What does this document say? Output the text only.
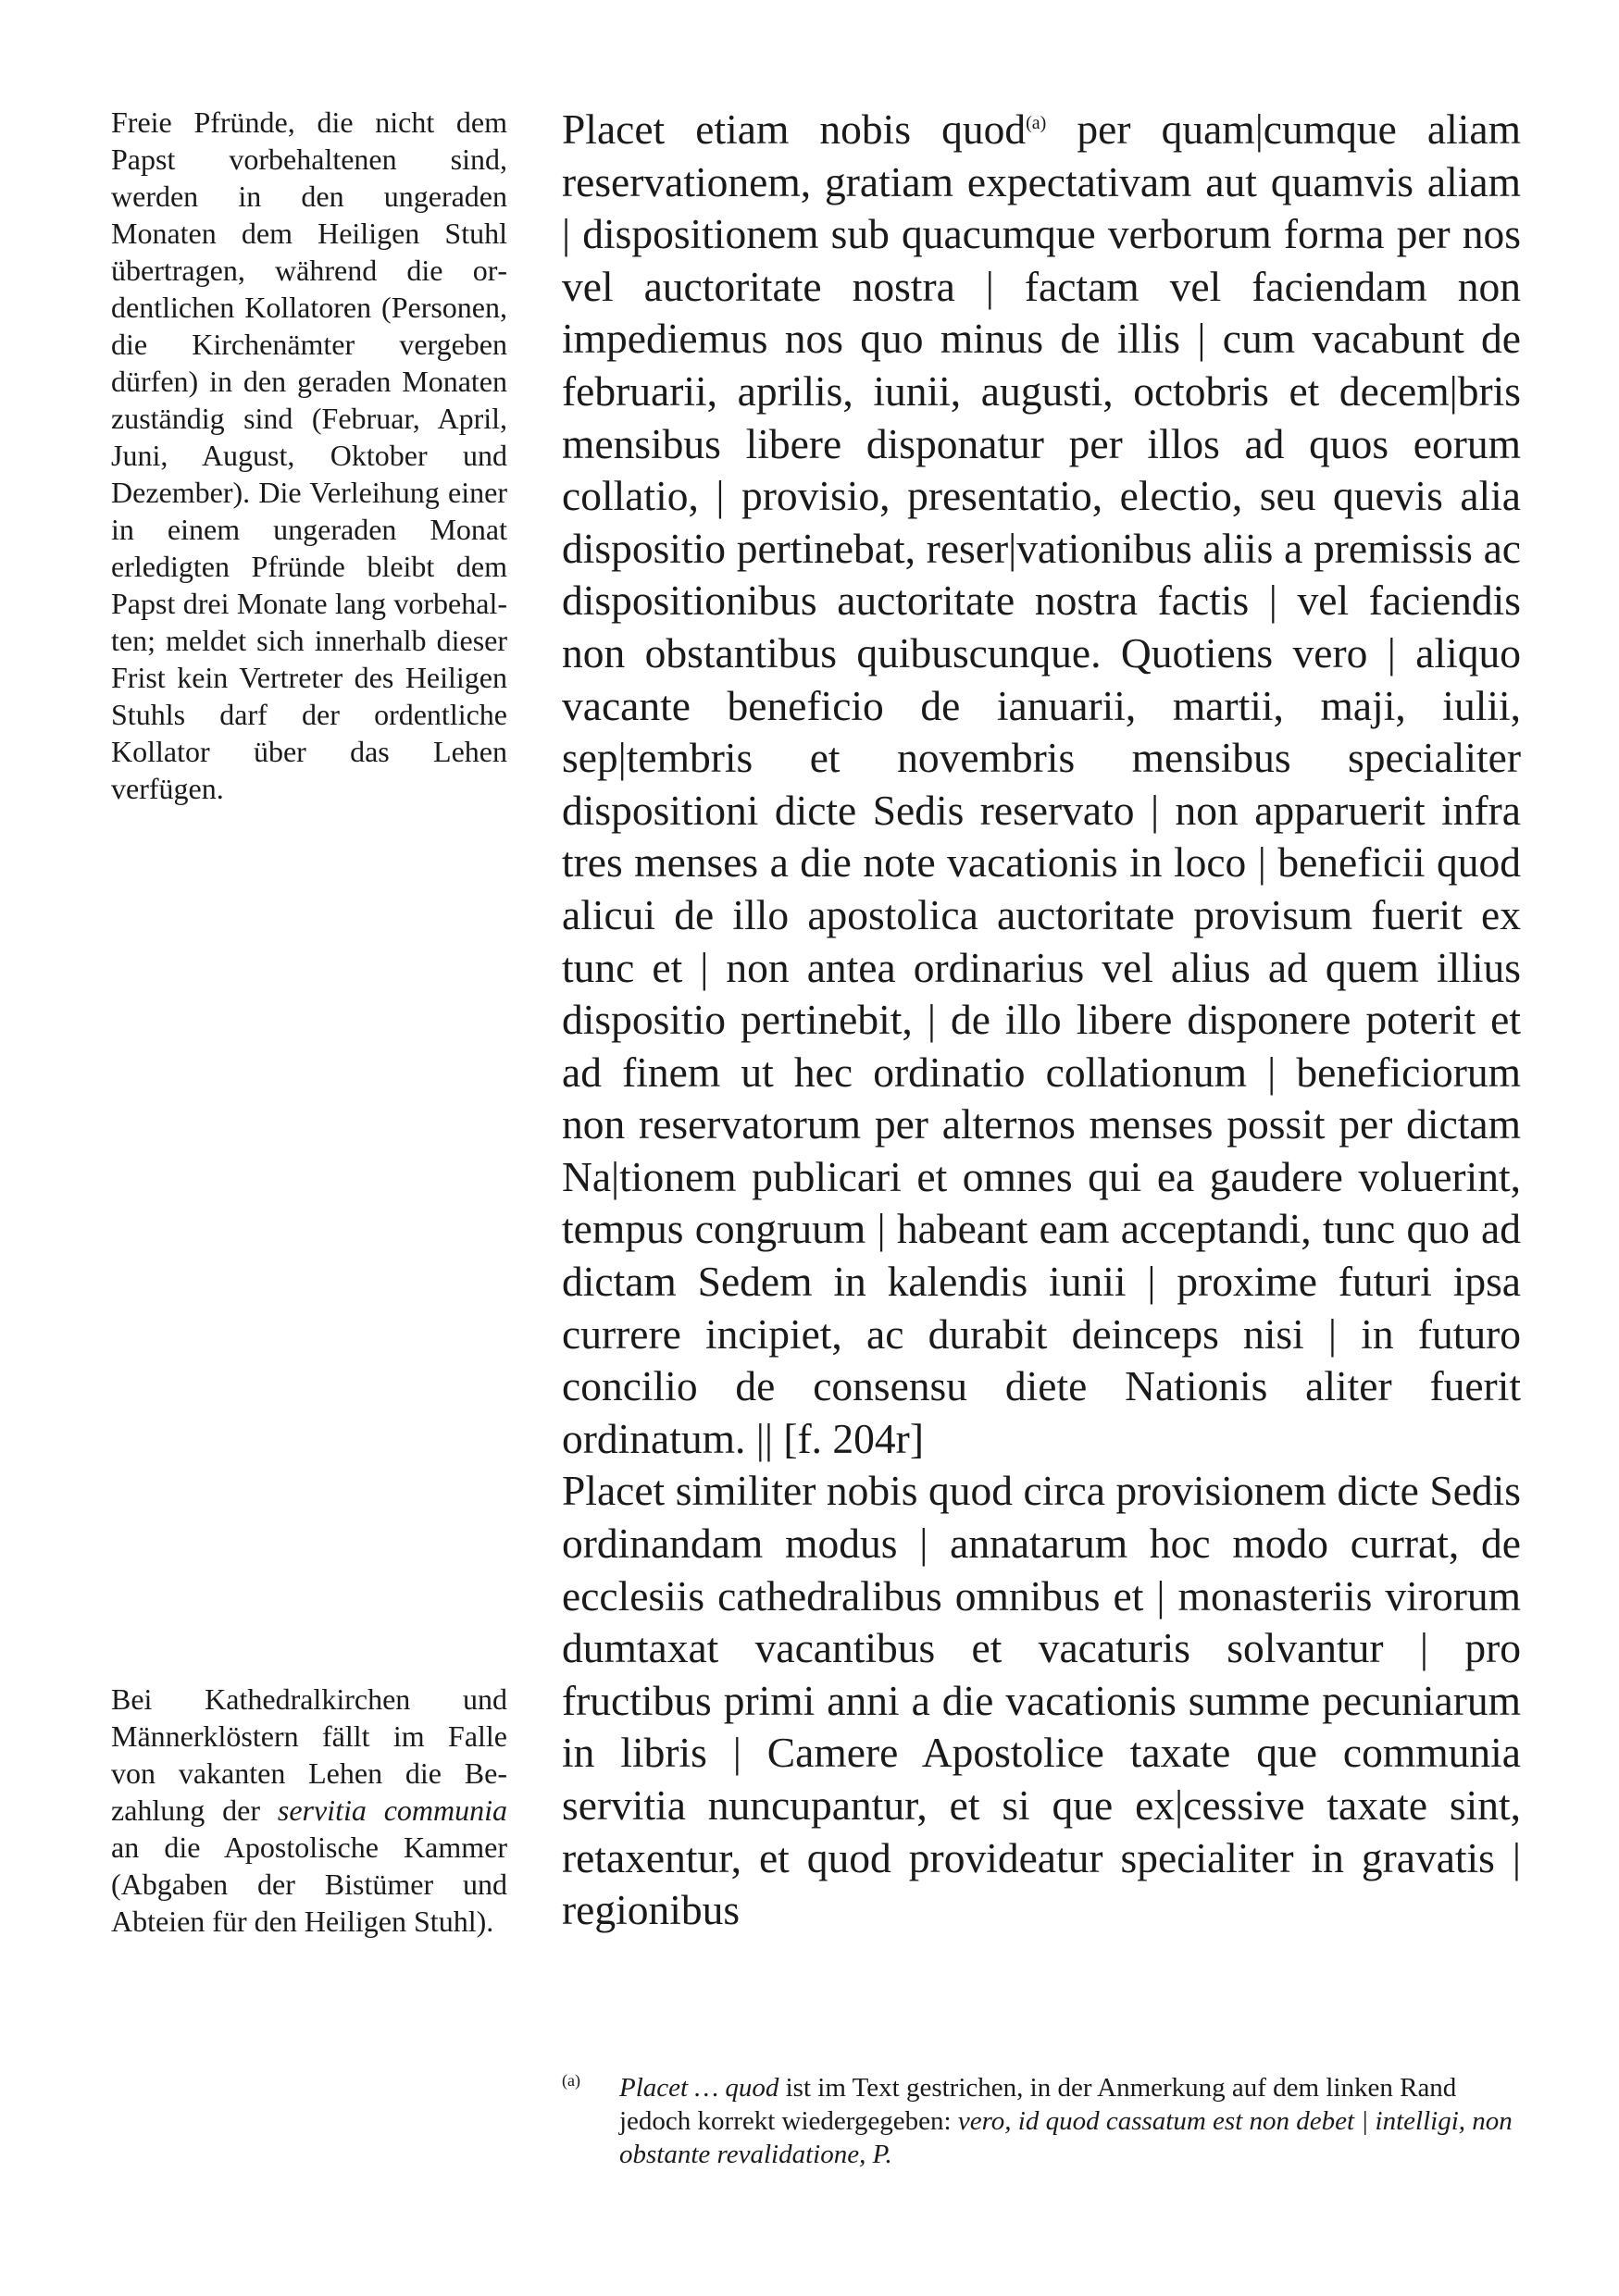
Freie Pfründe, die nicht dem Papst vorbehaltenen sind, werden in den ungeraden Monaten dem Heiligen Stuhl übertragen, während die ordentlichen Kollatoren (Personen, die Kirchenämter vergeben dürfen) in den geraden Monaten zuständig sind (Februar, April, Juni, August, Oktober und Dezember). Die Verleihung einer in einem ungeraden Monat erledigten Pfründe bleibt dem Papst drei Monate lang vorbehalten; meldet sich innerhalb dieser Frist kein Vertreter des Heiligen Stuhls darf der ordentliche Kollator über das Lehen verfügen.
Bei Kathedralkirchen und Männerklöstern fällt im Falle von vakanten Lehen die Bezahlung der servitia communia an die Apostolische Kammer (Abgaben der Bistümer und Abteien für den Heiligen Stuhl).

Placet etiam nobis quod$^{(a)}$ per quam|cumque aliam reservationem, gratiam expectativam aut quamvis aliam | dispositionem sub quacumque verborum forma per nos vel auctoritate nostra | factam vel faciendam non impediemus nos quo minus de illis | cum vacabunt de februarii, aprilis, iunii, augusti, octobris et decem|bris mensibus libere disponatur per illos ad quos eorum collatio, | provisio, presentatio, electio, seu quevis alia dispositio pertinebat, reser|vationibus aliis a premissis ac dispositionibus auctoritate nostra factis | vel faciendis non obstantibus quibuscunque. Quotiens vero | aliquo vacante beneficio de ianuarii, martii, maji, iulii, sep|tembris et novembris mensibus specialiter dispositioni dicte Sedis reservato | non apparuerit infra tres menses a die note vacationis in loco | beneficii quod alicui de illo apostolica auctoritate provisum fuerit ex tunc et | non antea ordinarius vel alius ad quem illius dispositio pertinebit, | de illo libere disponere poterit et ad finem ut hec ordinatio collationum | beneficiorum non reservatorum per alternos menses possit per dictam Na|tionem publicari et omnes qui ea gaudere voluerint, tempus congruum | habeant eam acceptandi, tunc quo ad dictam Sedem in kalendis iunii | proxime futuri ipsa currere incipiet, ac durabit deinceps nisi | in futuro concilio de consensu diete Nationis aliter fuerit ordinatum. || [f. 204r]

Placet similiter nobis quod circa provisionem dicte Sedis ordinandam modus | annatarum hoc modo currat, de ecclesiis cathedralibus omnibus et | monasteriis virorum dumtaxat vacantibus et vacaturis solvantur | pro fructibus primi anni a die vacationis summe pecuniarum in libris | Camere Apostolice taxate que communia servitia nuncupantur, et si que ex|cessive taxate sint, retaxentur, et quod provideatur specialiter in gravatis | regionibus

(a) Placet … quod ist im Text gestrichen, in der Anmerkung auf dem linken Rand jedoch korrekt wiedergegeben: vero, id quod cassatum est non debet | intelligi, non obstante revalidatione, P.
